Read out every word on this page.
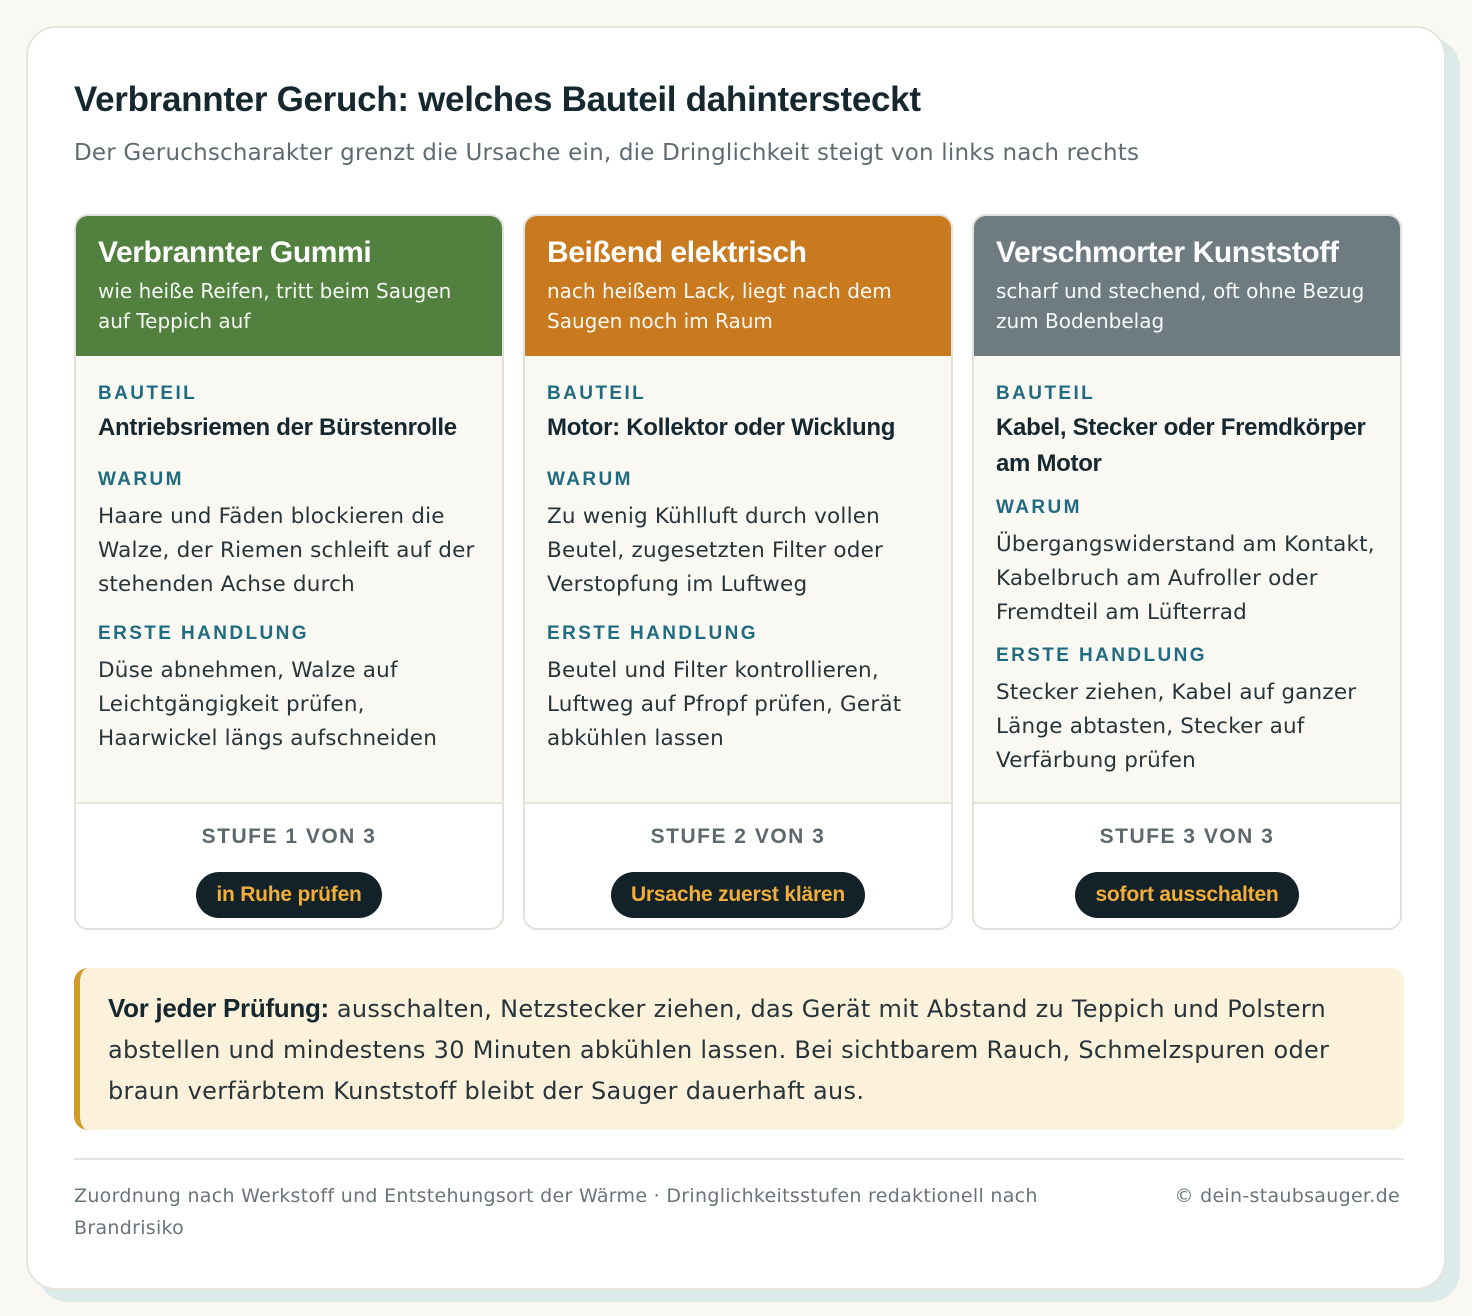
Verbrannter Geruch: welches Bauteil dahintersteckt

Der Geruchscharakter grenzt die Ursache ein, die Dringlichkeit steigt von links nach rechts

Verbrannter Gummi
wie heiße Reifen, tritt beim Saugen auf Teppich auf
BAUTEIL
Antriebsriemen der Bürstenrolle
WARUM
Haare und Fäden blockieren die Walze, der Riemen schleift auf der stehenden Achse durch
ERSTE HANDLUNG
Düse abnehmen, Walze auf Leichtgängigkeit prüfen, Haarwickel längs aufschneiden
STUFE 1 VON 3
in Ruhe prüfen
Beißend elektrisch
nach heißem Lack, liegt nach dem Saugen noch im Raum
BAUTEIL
Motor: Kollektor oder Wicklung
WARUM
Zu wenig Kühlluft durch vollen Beutel, zugesetzten Filter oder Verstopfung im Luftweg
ERSTE HANDLUNG
Beutel und Filter kontrollieren, Luftweg auf Pfropf prüfen, Gerät abkühlen lassen
STUFE 2 VON 3
Ursache zuerst klären
Verschmorter Kunststoff
scharf und stechend, oft ohne Bezug zum Bodenbelag
BAUTEIL
Kabel, Stecker oder Fremdkörper am Motor
WARUM
Übergangswiderstand am Kontakt, Kabelbruch am Aufroller oder Fremdteil am Lüfterrad
ERSTE HANDLUNG
Stecker ziehen, Kabel auf ganzer Länge abtasten, Stecker auf Verfärbung prüfen
STUFE 3 VON 3
sofort ausschalten
Vor jeder Prüfung: ausschalten, Netzstecker ziehen, das Gerät mit Abstand zu Teppich und Polstern abstellen und mindestens 30 Minuten abkühlen lassen. Bei sichtbarem Rauch, Schmelzspuren oder braun verfärbtem Kunststoff bleibt der Sauger dauerhaft aus.
Zuordnung nach Werkstoff und Entstehungsort der Wärme · Dringlichkeitsstufen redaktionell nach Brandrisiko
© dein-staubsauger.de
